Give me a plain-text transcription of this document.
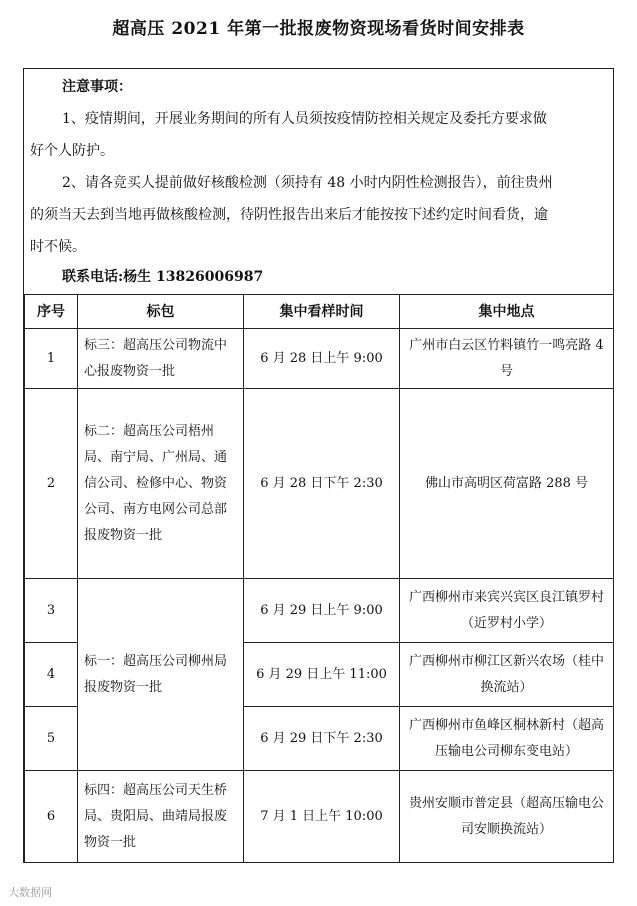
超高压 2021 年第一批报废物资现场看货时间安排表
注意事项：
1、疫情期间，开展业务期间的所有人员须按疫情防控相关规定及委托方要求做
好个人防护。
2、请各竞买人提前做好核酸检测（须持有 48 小时内阴性检测报告），前往贵州
的须当天去到当地再做核酸检测，待阴性报告出来后才能按按下述约定时间看货，逾
时不候。
联系电话:杨生 13826006987
序号	标包	集中看样时间	集中地点
1	标三：超高压公司物流中心报废物资一批	6 月 28 日上午 9:00	广州市白云区竹料镇竹一鸣亮路 4 号
2	标二：超高压公司梧州局、南宁局、广州局、通信公司、检修中心、物资公司、南方电网公司总部报废物资一批	6 月 28 日下午 2:30	佛山市高明区荷富路 288 号
3	标一：超高压公司柳州局报废物资一批	6 月 29 日上午 9:00	广西柳州市来宾兴宾区良江镇罗村（近罗村小学）
4		6 月 29 日上午 11:00	广西柳州市柳江区新兴农场（桂中换流站）
5		6 月 29 日下午 2:30	广西柳州市鱼峰区桐林新村（超高压输电公司柳东变电站）
6	标四：超高压公司天生桥局、贵阳局、曲靖局报废物资一批	7 月 1 日上午 10:00	贵州安顺市普定县（超高压输电公司安顺换流站）
大数据网
